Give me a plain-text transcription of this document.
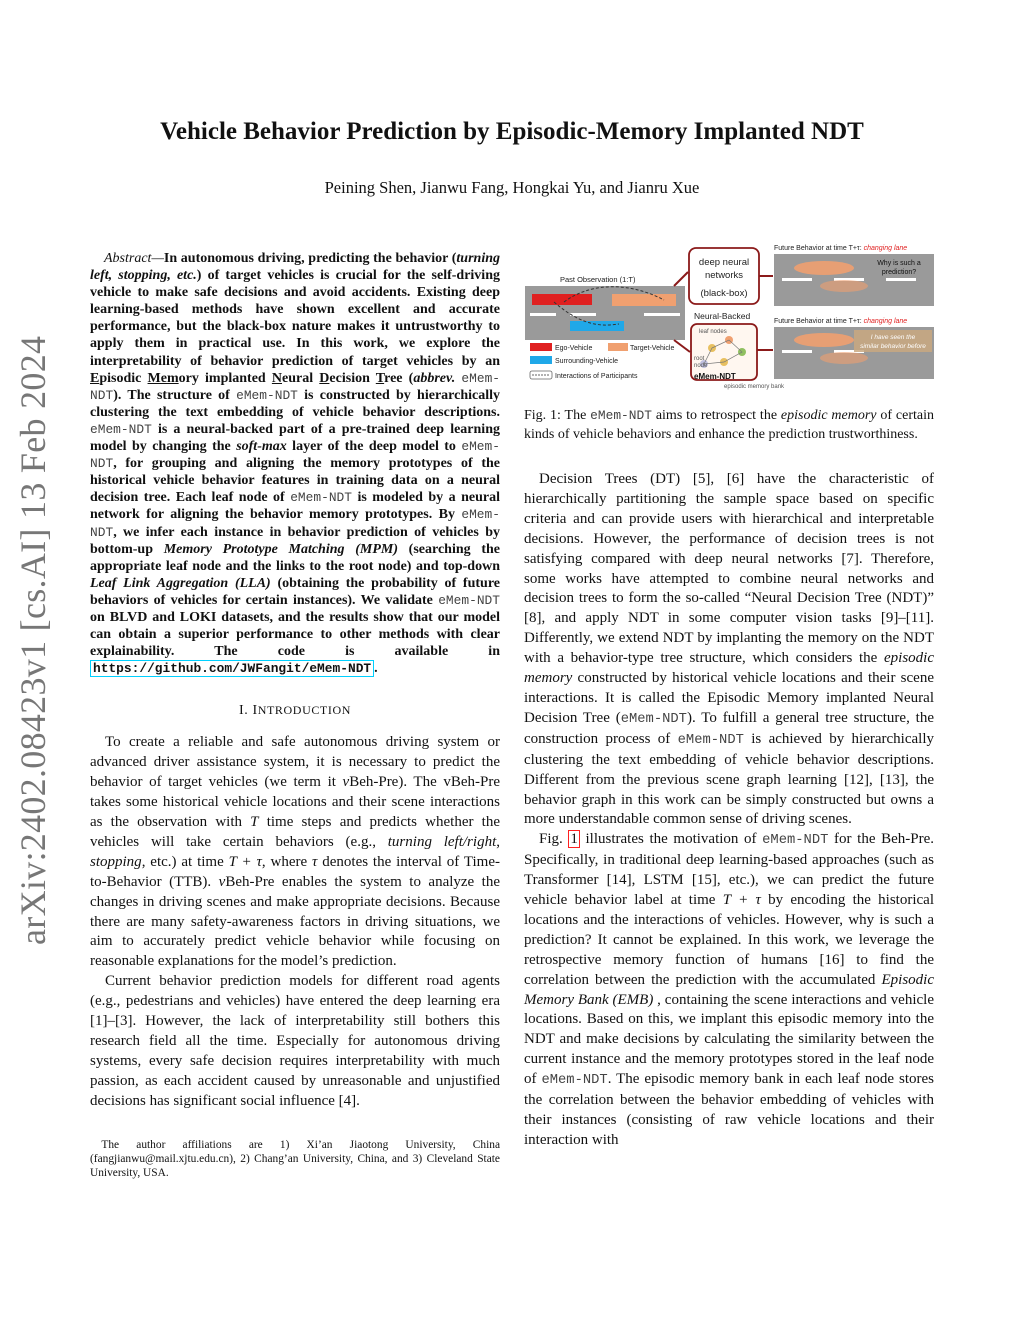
arXiv:2402.08423v1 [cs.AI] 13 Feb 2024
Vehicle Behavior Prediction by Episodic-Memory Implanted NDT
Peining Shen, Jianwu Fang, Hongkai Yu, and Jianru Xue

Abstract — In autonomous driving, predicting the behavior (turning left, stopping, etc.) of target vehicles is crucial for the self-driving vehicle to make safe decisions and avoid accidents. Existing deep learning-based methods have shown excellent and accurate performance, but the black-box nature makes it untrustworthy to apply them in practical use. In this work, we explore the interpretability of behavior prediction of target vehicles by an Episodic Memory implanted Neural Decision Tree (abbrev. eMem-NDT). The structure of eMem-NDT is constructed by hierarchically clustering the text embedding of vehicle behavior descriptions. eMem-NDT is a neural-backed part of a pre-trained deep learning model by changing the soft-max layer of the deep model to eMem-NDT, for grouping and aligning the memory prototypes of the historical vehicle behavior features in training data on a neural decision tree. Each leaf node of eMem-NDT is modeled by a neural network for aligning the behavior memory prototypes. By eMem-NDT, we infer each instance in behavior prediction of vehicles by bottom-up Memory Prototype Matching (MPM) (searching the appropriate leaf node and the links to the root node) and top-down Leaf Link Aggregation (LLA) (obtaining the probability of future behaviors of vehicles for certain instances). We validate eMem-NDT on BLVD and LOKI datasets, and the results show that our model can obtain a superior performance to other methods with clear explainability. The code is available in https://github.com/JWFangit/eMem-NDT .

I. INTRODUCTION

To create a reliable and safe autonomous driving system or advanced driver assistance system, it is necessary to predict the behavior of target vehicles (we term it vBeh-Pre). The vBeh-Pre takes some historical vehicle locations and their scene interactions as the observation with T time steps and predicts whether the vehicles will take certain behaviors (e.g., turning left/right, stopping, etc.) at time T + τ, where τ denotes the interval of Time-to-Behavior (TTB). vBeh-Pre enables the system to analyze the changes in driving scenes and make appropriate decisions. Because there are many safety-awareness factors in driving situations, we aim to accurately predict vehicle behavior while focusing on reasonable explanations for the model’s prediction.

Current behavior prediction models for different road agents (e.g., pedestrians and vehicles) have entered the deep learning era [1]–[3]. However, the lack of interpretability still bothers this research field all the time. Especially for autonomous driving systems, every safe decision requires interpretability with much passion, as each accident caused by unreasonable and unjustified decisions has significant social influence [4].

The author affiliations are 1) Xi’an Jiaotong University, China (fangjianwu@mail.xjtu.edu.cn), 2) Chang’an University, China, and 3) Cleveland State University, USA.

Past Observation (1:T)
Ego-Vehicle	Target-Vehicle
Surrounding-Vehicle
Interactions of Participants
deep neural
networks
(black-box)
Neural-Backed
leaf nodes
root
node
eMem-NDT
episodic memory bank
Future Behavior at time T+τ: changing lane
Why is such a
prediction?
Future Behavior at time T+τ: changing lane
I have seen the
similar behavior before

Fig. 1: The eMem-NDT aims to retrospect the episodic memory of certain kinds of vehicle behaviors and enhance the prediction trustworthiness.

Decision Trees (DT) [5], [6] have the characteristic of hierarchically partitioning the sample space based on specific criteria and can provide users with hierarchical and interpretable decisions. However, the performance of decision trees is not satisfying compared with deep neural networks [7]. Therefore, some works have attempted to combine neural networks and decision trees to form the so-called “Neural Decision Tree (NDT)” [8], and apply NDT in some computer vision tasks [9]–[11]. Differently, we extend NDT by implanting the memory on the NDT with a behavior-type tree structure, which considers the episodic memory constructed by historical vehicle locations and their scene interactions. It is called the Episodic Memory implanted Neural Decision Tree (eMem-NDT). To fulfill a general tree structure, the construction process of eMem-NDT is achieved by hierarchically clustering the text embedding of vehicle behavior descriptions. Different from the previous scene graph learning [12], [13], the behavior graph in this work can be simply constructed but owns a more understandable common sense of driving scenes.

Fig. 1 illustrates the motivation of eMem-NDT for the Beh-Pre. Specifically, in traditional deep learning-based approaches (such as Transformer [14], LSTM [15], etc.), we can predict the future vehicle behavior label at time T + τ by encoding the historical locations and the interactions of vehicles. However, why is such a prediction? It cannot be explained. In this work, we leverage the retrospective memory function of humans [16] to find the correlation between the prediction with the accumulated Episodic Memory Bank (EMB) , containing the scene interactions and vehicle locations. Based on this, we implant this episodic memory into the NDT and make decisions by calculating the similarity between the current instance and the memory prototypes stored in the leaf node of eMem-NDT. The episodic memory bank in each leaf node stores the correlation between the behavior embedding of vehicles with their instances (consisting of raw vehicle locations and their interaction with
